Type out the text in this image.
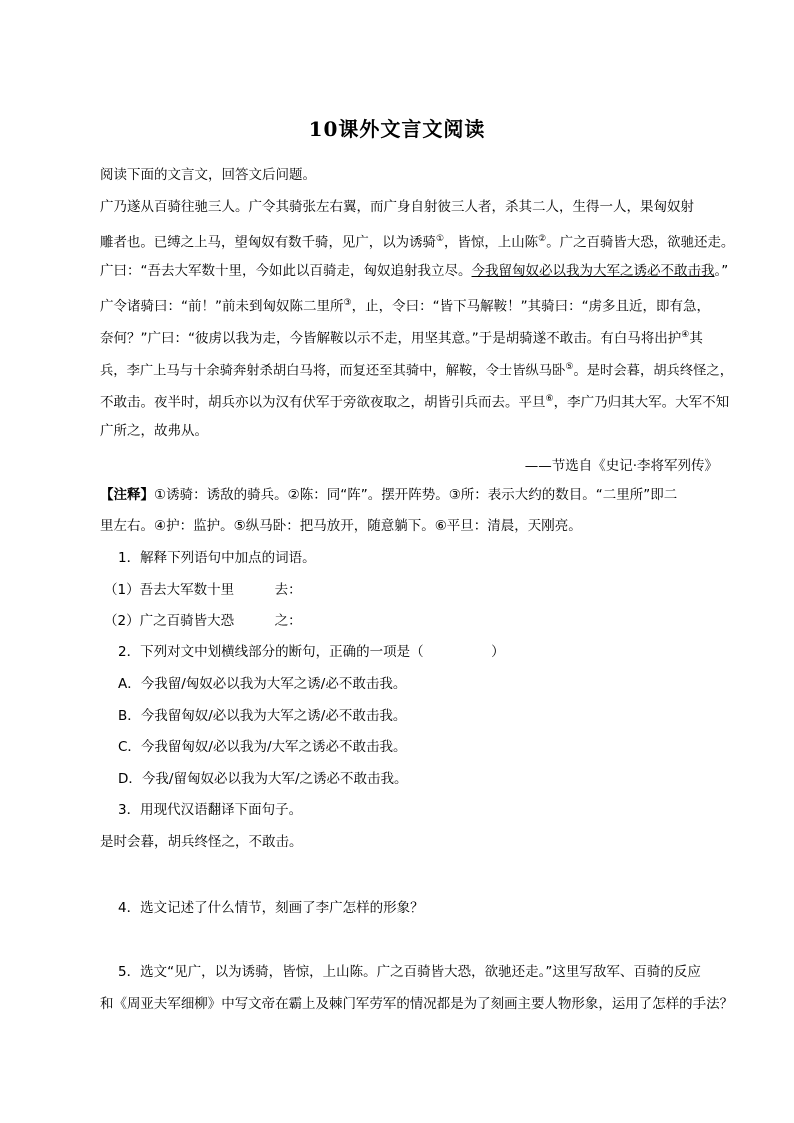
10课外文言文阅读
阅读下面的文言文，回答文后问题。
广乃遂从百骑往驰三人。广令其骑张左右翼，而广身自射彼三人者，杀其二人，生得一人，果匈奴射
雕者也。已缚之上马，望匈奴有数千骑，见广，以为诱骑①，皆惊，上山陈②。广之百骑皆大恐，欲驰还走。
广曰：“吾去大军数十里，今如此以百骑走，匈奴追射我立尽。今我留匈奴必以我为大军之诱必不敢击我。”
广令诸骑曰：“前！”前未到匈奴陈二里所③，止，令曰：“皆下马解鞍！”其骑曰：“虏多且近，即有急，
奈何？”广曰：“彼虏以我为走，今皆解鞍以示不走，用坚其意。”于是胡骑遂不敢击。有白马将出护④其
兵，李广上马与十余骑奔射杀胡白马将，而复还至其骑中，解鞍，令士皆纵马卧⑤。是时会暮，胡兵终怪之，
不敢击。夜半时，胡兵亦以为汉有伏军于旁欲夜取之，胡皆引兵而去。平旦⑥，李广乃归其大军。大军不知
广所之，故弗从。
——节选自《史记·李将军列传》
【注释】①诱骑：诱敌的骑兵。②陈：同“阵”。摆开阵势。③所：表示大约的数目。“二里所”即二
里左右。④护：监护。⑤纵马卧：把马放开，随意躺下。⑥平旦：清晨，天刚亮。
1．解释下列语句中加点的词语。
（1）吾去大军数十里　　　去：
（2）广之百骑皆大恐　　　之：
2．下列对文中划横线部分的断句，正确的一项是（　　　　　）
A．今我留/匈奴必以我为大军之诱/必不敢击我。
B．今我留匈奴/必以我为大军之诱/必不敢击我。
C．今我留匈奴/必以我为/大军之诱必不敢击我。
D．今我/留匈奴必以我为大军/之诱必不敢击我。
3．用现代汉语翻译下面句子。
是时会暮，胡兵终怪之，不敢击。
4．选文记述了什么情节，刻画了李广怎样的形象？
5．选文“见广，以为诱骑，皆惊，上山陈。广之百骑皆大恐，欲驰还走。”这里写敌军、百骑的反应
和《周亚夫军细柳》中写文帝在霸上及棘门军劳军的情况都是为了刻画主要人物形象，运用了怎样的手法？
